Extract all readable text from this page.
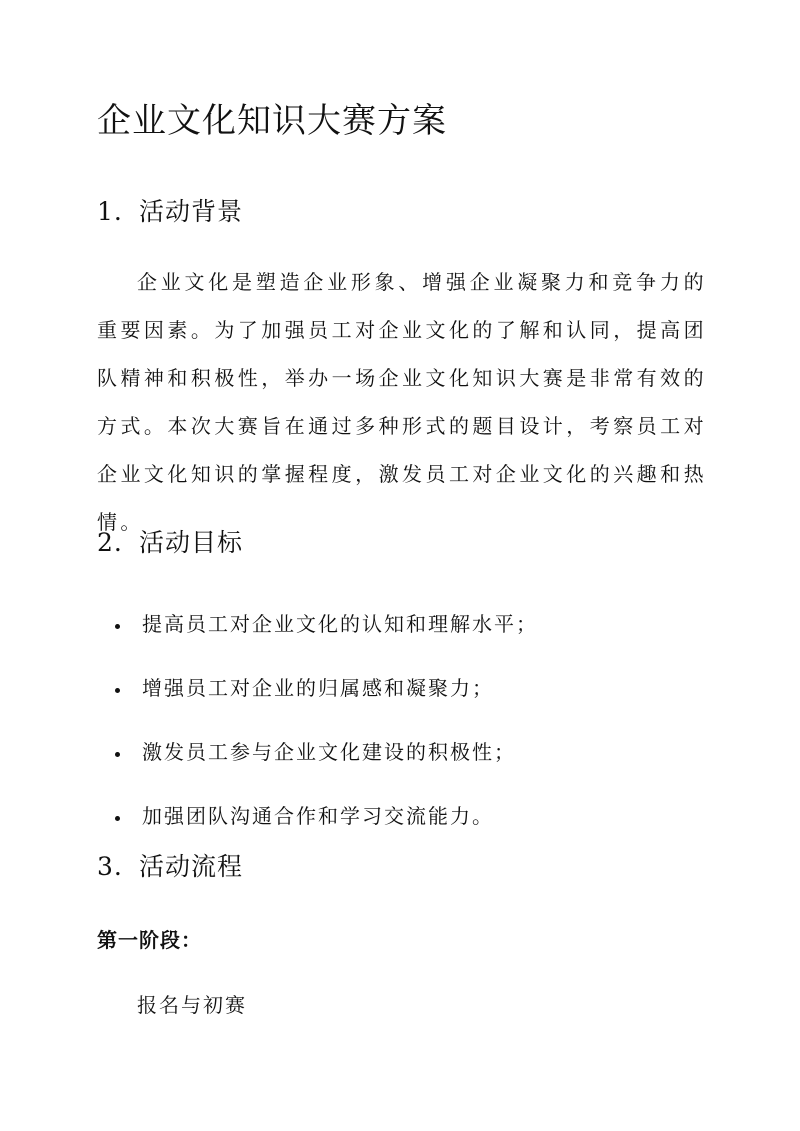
企业文化知识大赛方案
1. 活动背景

企业文化是塑造企业形象、增强企业凝聚力和竞争力的重要因素。为了加强员工对企业文化的了解和认同，提高团队精神和积极性，举办一场企业文化知识大赛是非常有效的方式。本次大赛旨在通过多种形式的题目设计，考察员工对企业文化知识的掌握程度，激发员工对企业文化的兴趣和热情。

2. 活动目标
提高员工对企业文化的认知和理解水平；
增强员工对企业的归属感和凝聚力；
激发员工参与企业文化建设的积极性；
加强团队沟通合作和学习交流能力。
3. 活动流程

第一阶段：

报名与初赛
